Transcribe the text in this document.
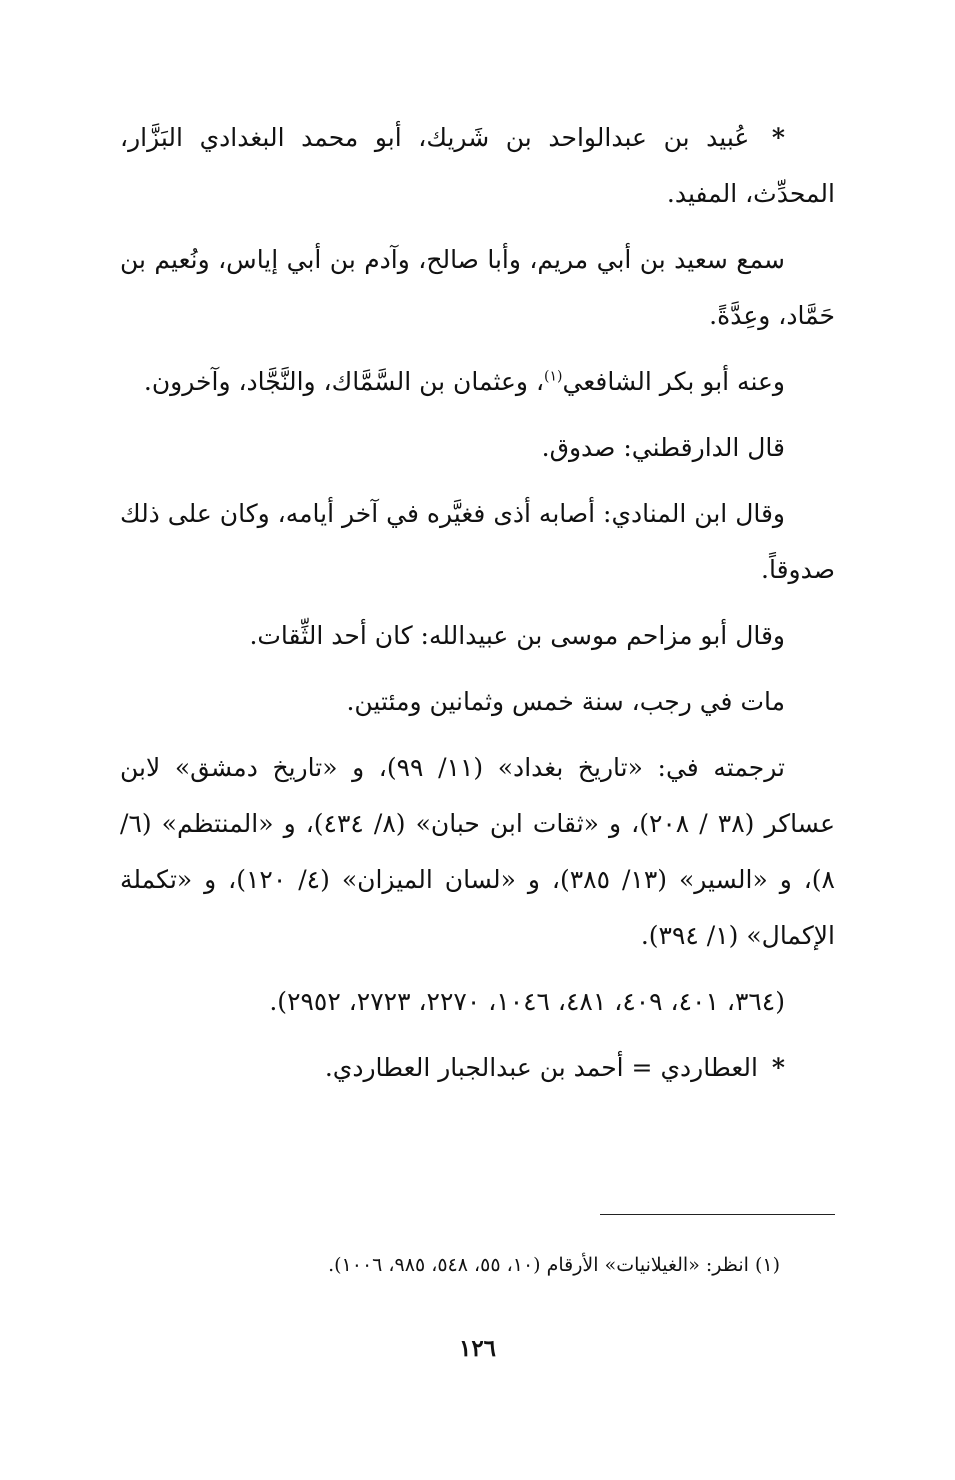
* عُبيد بن عبدالواحد بن شَريك، أبو محمد البغدادي البَزَّار، المحدِّث، المفيد.

سمع سعيد بن أبي مريم، وأبا صالح، وآدم بن أبي إياس، ونُعيم بن حَمَّاد، وعِدَّةً.

وعنه أبو بكر الشافعي$^{(١)}$، وعثمان بن السَّمَّاك، والنَّجَّاد، وآخرون.

قال الدارقطني: صدوق.

وقال ابن المنادي: أصابه أذى فغيَّره في آخر أيامه، وكان على ذلك صدوقاً.

وقال أبو مزاحم موسى بن عبيدالله: كان أحد الثِّقات.

مات في رجب، سنة خمس وثمانين ومئتين.

ترجمته في: «تاريخ بغداد» (١١/ ٩٩)، و «تاريخ دمشق» لابن عساكر (٣٨ / ٢٠٨)، و «ثقات ابن حبان» (٨/ ٤٣٤)، و «المنتظم» (٦/ ٨)، و «السير» (١٣/ ٣٨٥)، و «لسان الميزان» (٤/ ١٢٠)، و «تكملة الإكمال» (١/ ٣٩٤).

(٣٦٤، ٤٠١، ٤٠٩، ٤٨١، ١٠٤٦، ٢٢٧٠، ٢٧٢٣، ٢٩٥٢).

* العطاردي = أحمد بن عبدالجبار العطاردي.

(١) انظر: «الغيلانيات» الأرقام (١٠، ٥٥، ٥٤٨، ٩٨٥، ١٠٠٦).
١٢٦
